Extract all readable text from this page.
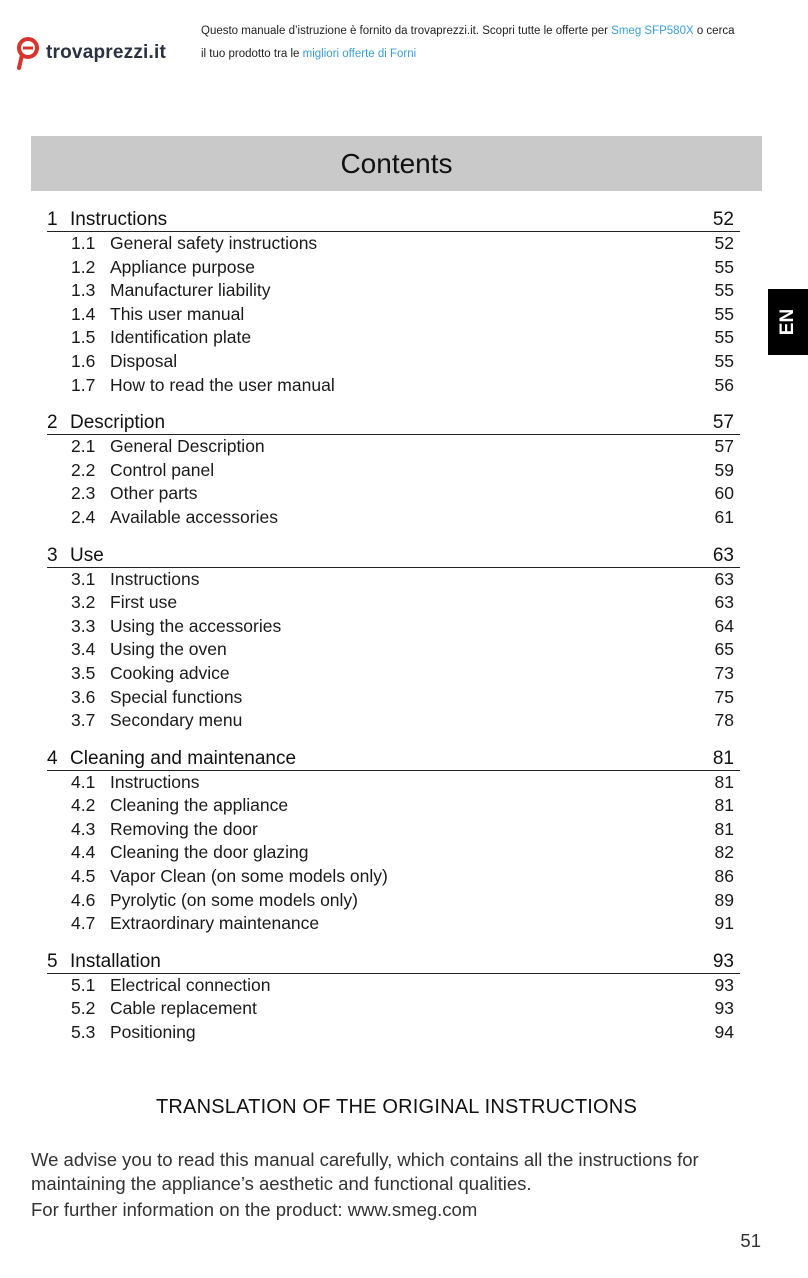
trovaprezzi.it
Questo manuale d’istruzione è fornito da trovaprezzi.it. Scopri tutte le offerte per Smeg SFP580X o cerca
il tuo prodotto tra le migliori offerte di Forni
Contents
EN
1 Instructions	52
1.1 General safety instructions	52
1.2 Appliance purpose	55
1.3 Manufacturer liability	55
1.4 This user manual	55
1.5 Identification plate	55
1.6 Disposal	55
1.7 How to read the user manual	56
2 Description	57
2.1 General Description	57
2.2 Control panel	59
2.3 Other parts	60
2.4 Available accessories	61
3 Use	63
3.1 Instructions	63
3.2 First use	63
3.3 Using the accessories	64
3.4 Using the oven	65
3.5 Cooking advice	73
3.6 Special functions	75
3.7 Secondary menu	78
4 Cleaning and maintenance	81
4.1 Instructions	81
4.2 Cleaning the appliance	81
4.3 Removing the door	81
4.4 Cleaning the door glazing	82
4.5 Vapor Clean (on some models only)	86
4.6 Pyrolytic (on some models only)	89
4.7 Extraordinary maintenance	91
5 Installation	93
5.1 Electrical connection	93
5.2 Cable replacement	93
5.3 Positioning	94
TRANSLATION OF THE ORIGINAL INSTRUCTIONS
We advise you to read this manual carefully, which contains all the instructions for maintaining the appliance’s aesthetic and functional qualities.
For further information on the product: www.smeg.com
51
